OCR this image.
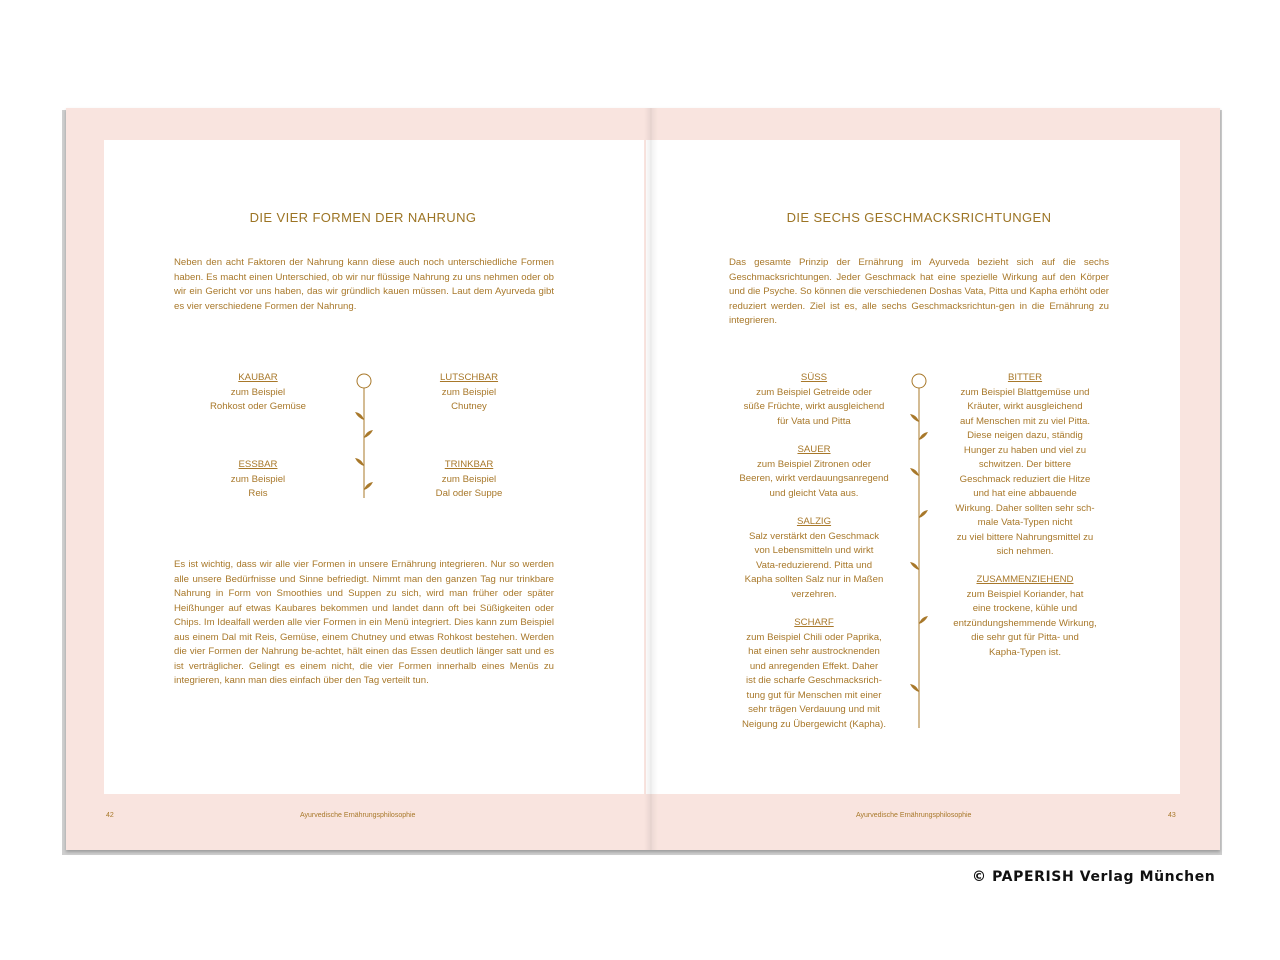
DIE VIER FORMEN DER NAHRUNG
Neben den acht Faktoren der Nahrung kann diese auch noch unterschiedliche Formen haben. Es macht einen Unterschied, ob wir nur flüssige Nahrung zu uns nehmen oder ob wir ein Gericht vor uns haben, das wir gründlich kauen müssen. Laut dem Ayurveda gibt es vier verschiedene Formen der Nahrung.
KAUBAR
zum Beispiel
Rohkost oder Gemüse
LUTSCHBAR
zum Beispiel
Chutney
ESSBAR
zum Beispiel
Reis
TRINKBAR
zum Beispiel
Dal oder Suppe
Es ist wichtig, dass wir alle vier Formen in unsere Ernährung integrieren. Nur so werden alle unsere Bedürfnisse und Sinne befriedigt. Nimmt man den ganzen Tag nur trinkbare Nahrung in Form von Smoothies und Suppen zu sich, wird man früher oder später Heißhunger auf etwas Kaubares bekommen und landet dann oft bei Süßigkeiten oder Chips. Im Idealfall werden alle vier Formen in ein Menü integriert. Dies kann zum Beispiel aus einem Dal mit Reis, Gemüse, einem Chutney und etwas Rohkost bestehen. Werden die vier Formen der Nahrung be-achtet, hält einen das Essen deutlich länger satt und es ist verträglicher. Gelingt es einem nicht, die vier Formen innerhalb eines Menüs zu integrieren, kann man dies einfach über den Tag verteilt tun.
42	Ayurvedische Ernährungsphilosophie
DIE SECHS GESCHMACKSRICHTUNGEN
Das gesamte Prinzip der Ernährung im Ayurveda bezieht sich auf die sechs Geschmacksrichtungen. Jeder Geschmack hat eine spezielle Wirkung auf den Körper und die Psyche. So können die verschiedenen Doshas Vata, Pitta und Kapha erhöht oder reduziert werden. Ziel ist es, alle sechs Geschmacksrichtun-gen in die Ernährung zu integrieren.
SÜSS
zum Beispiel Getreide oder
süße Früchte, wirkt ausgleichend
für Vata und Pitta
SAUER
zum Beispiel Zitronen oder
Beeren, wirkt verdauungsanregend
und gleicht Vata aus.
SALZIG
Salz verstärkt den Geschmack
von Lebensmitteln und wirkt
Vata-reduzierend. Pitta und
Kapha sollten Salz nur in Maßen
verzehren.
SCHARF
zum Beispiel Chili oder Paprika,
hat einen sehr austrocknenden
und anregenden Effekt. Daher
ist die scharfe Geschmacksrich-
tung gut für Menschen mit einer
sehr trägen Verdauung und mit
Neigung zu Übergewicht (Kapha).
BITTER
zum Beispiel Blattgemüse und
Kräuter, wirkt ausgleichend
auf Menschen mit zu viel Pitta.
Diese neigen dazu, ständig
Hunger zu haben und viel zu
schwitzen. Der bittere
Geschmack reduziert die Hitze
und hat eine abbauende
Wirkung. Daher sollten sehr sch-
male Vata-Typen nicht
zu viel bittere Nahrungsmittel zu
sich nehmen.
ZUSAMMENZIEHEND
zum Beispiel Koriander, hat
eine trockene, kühle und
entzündungshemmende Wirkung,
die sehr gut für Pitta- und
Kapha-Typen ist.
Ayurvedische Ernährungsphilosophie	43
© PAPERISH Verlag München
